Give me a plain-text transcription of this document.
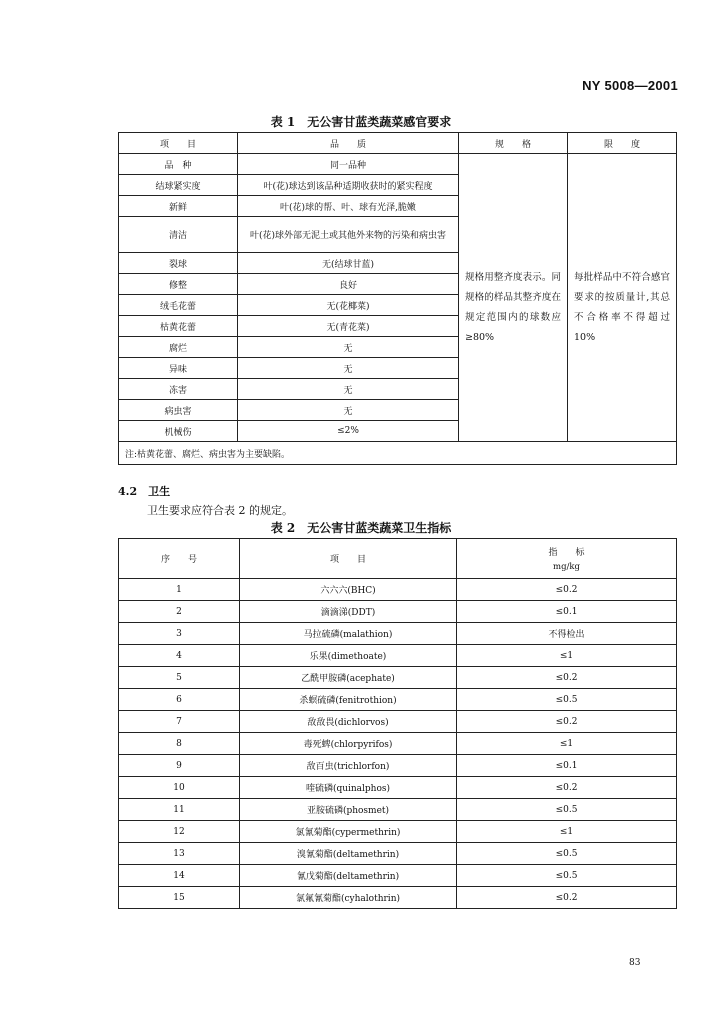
NY 5008—2001
表 1　无公害甘蓝类蔬菜感官要求
项　　目	品　　质	规　　格	限　　度
品　种	同一品种	规格用整齐度表示。同规格的样品其整齐度在规定范围内的球数应≥80%	每批样品中不符合感官要求的按质量计,其总不合格率不得超过10%
结球紧实度	叶(花)球达到该品种适期收获时的紧实程度		
新鲜	叶(花)球的帮、叶、球有光泽,脆嫩		
清洁	叶(花)球外部无泥土或其他外来物的污染和病虫害		
裂球	无(结球甘蓝)		
修整	良好		
绒毛花蕾	无(花椰菜)		
枯黄花蕾	无(青花菜)		
腐烂	无		
异味	无		
冻害	无		
病虫害	无		
机械伤	≤2%		
注:枯黄花蕾、腐烂、病虫害为主要缺陷。			
4.2　卫生
卫生要求应符合表 2 的规定。
表 2　无公害甘蓝类蔬菜卫生指标
序　　号	项　　目	指　　标
mg/kg

1	六六六(BHC)	≤0.2
2	滴滴涕(DDT)	≤0.1
3	马拉硫磷(malathion)	不得检出
4	乐果(dimethoate)	≤1
5	乙酰甲胺磷(acephate)	≤0.2
6	杀螟硫磷(fenitrothion)	≤0.5
7	敌敌畏(dichlorvos)	≤0.2
8	毒死蜱(chlorpyrifos)	≤1
9	敌百虫(trichlorfon)	≤0.1
10	喹硫磷(quinalphos)	≤0.2
11	亚胺硫磷(phosmet)	≤0.5
12	氯氰菊酯(cypermethrin)	≤1
13	溴氰菊酯(deltamethrin)	≤0.5
14	氰戊菊酯(deltamethrin)	≤0.5
15	氯氟氰菊酯(cyhalothrin)	≤0.2
83
